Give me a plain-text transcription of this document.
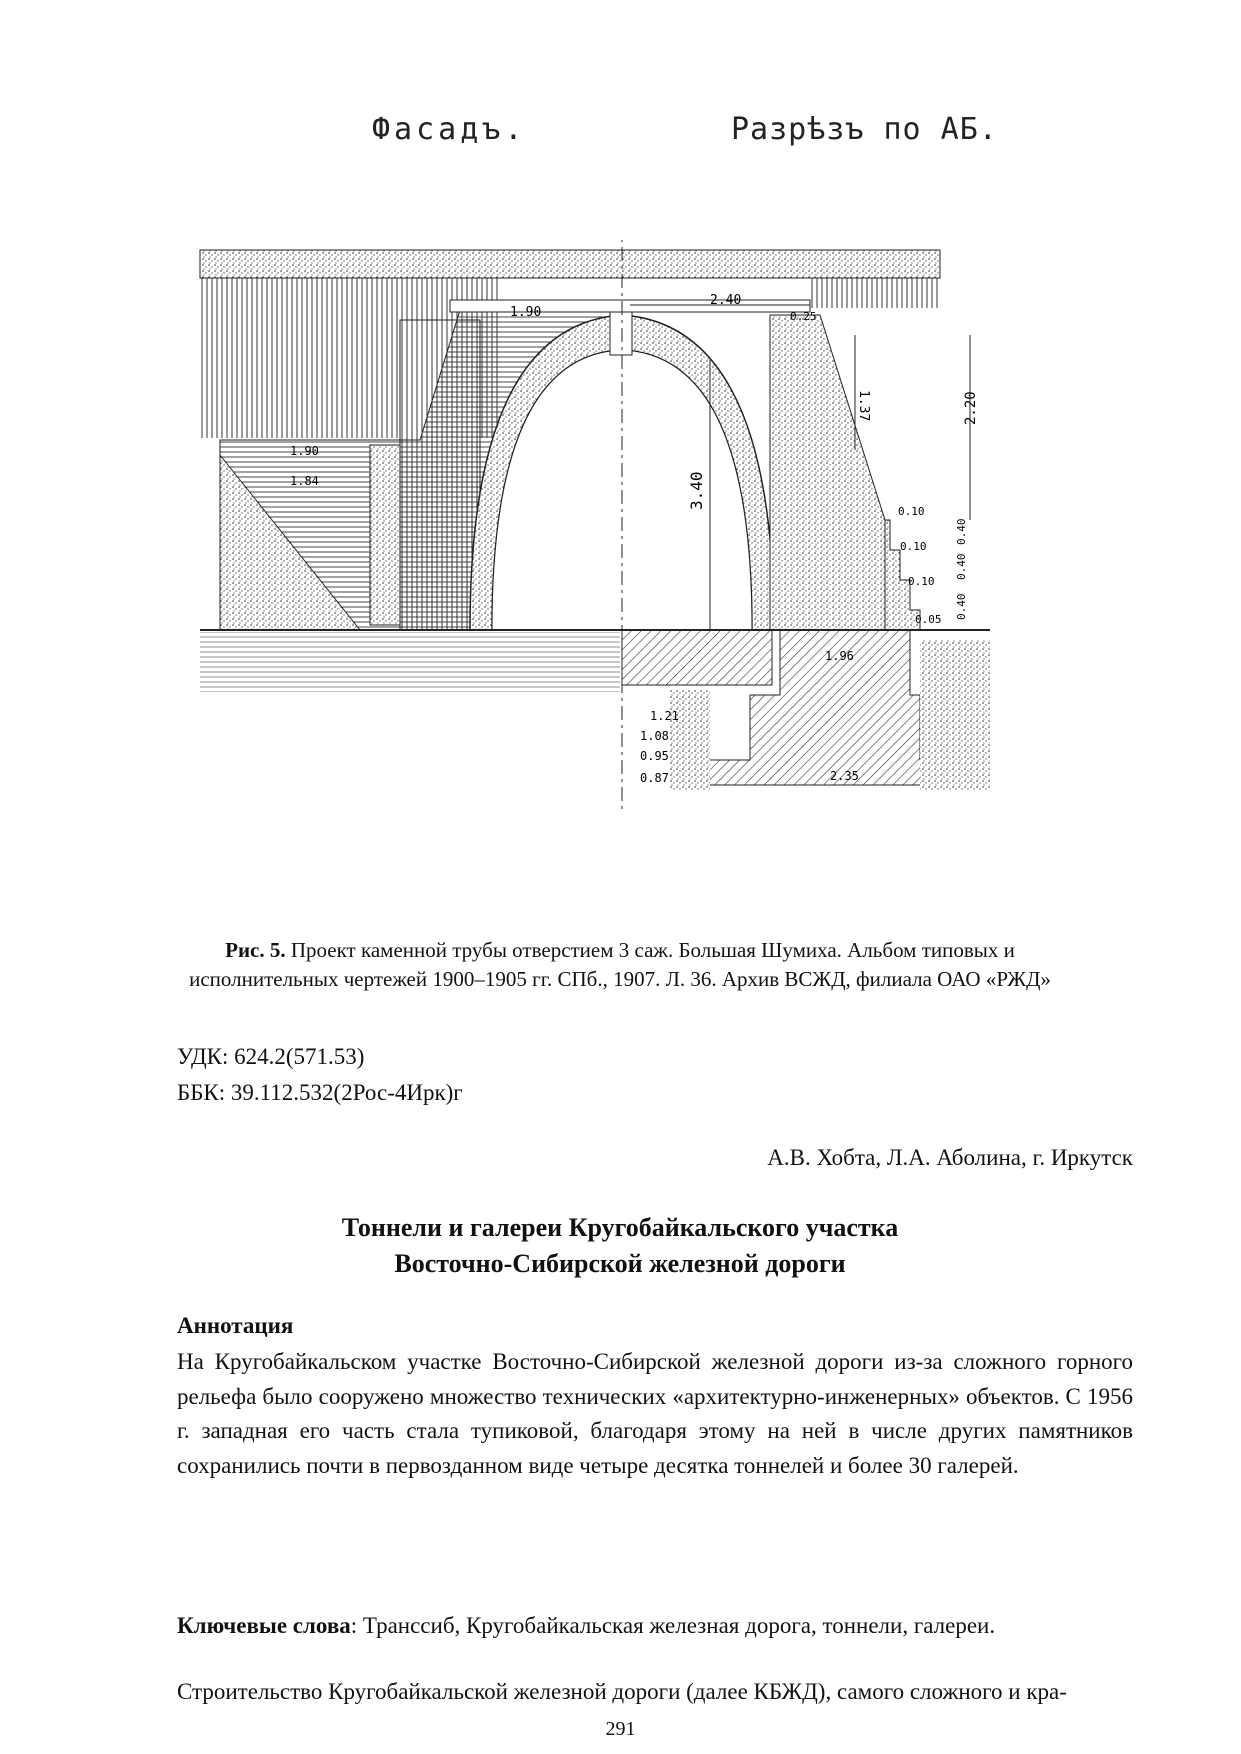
Фасадъ.	Разрѣзъ по АБ.
1.90
2.40
0.25
1.37	2.20
1.90
1.84	3.40
0.10
0.40
0.10
0.40
0.10
0.40
0.05
1.96
1.08
0.95
0.87
1.21
2.35
Рис. 5. Проект каменной трубы отверстием 3 саж. Большая Шумиха. Альбом типовых и исполнительных чертежей 1900–1905 гг. СПб., 1907. Л. 36. Архив ВСЖД, филиала ОАО «РЖД»
УДК: 624.2(571.53)
ББК: 39.112.532(2Рос-4Ирк)г
А.В. Хобта, Л.А. Аболина, г. Иркутск
Тоннели и галереи Кругобайкальского участка
Восточно-Сибирской железной дороги
Аннотация
На Кругобайкальском участке Восточно-Сибирской железной дороги из-за сложного горного рельефа было сооружено множество технических «архитектурно-инженерных» объектов. С 1956 г. западная его часть стала тупиковой, благодаря этому на ней в числе других памятников сохранились почти в первозданном виде четыре десятка тоннелей и более 30 галерей.
Ключевые слова: Транссиб, Кругобайкальская железная дорога, тоннели, галереи.
Строительство Кругобайкальской железной дороги (далее КБЖД), самого сложного и кра-
291
